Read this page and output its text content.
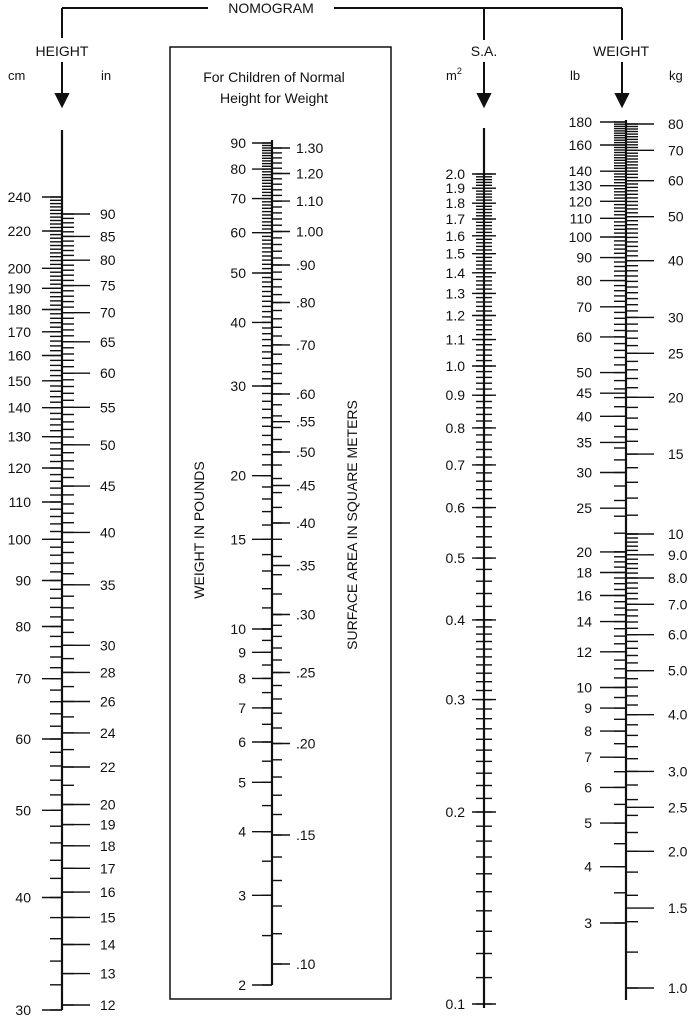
NOMOGRAM
HEIGHT
cm	in
S.A.
$m^2$
WEIGHT
lb	kg
For Children of Normal
Height for Weight
WEIGHT IN POUNDS	SURFACE AREA IN SQUARE METERS
240
220
200
190
180
170
160
150
140
130
120
110
100
90
80
70
60
50
40
30
90
85
80
75
70
65
60
55
50
45
40
35
30
28
26
24
22
20
19
18
17
16
15
14
13
12
90
80
70
60
50
40
30
20
15
10
9
8
7
6
5
4
3
2
1.30
1.20
1.10
1.00
.90
.80
.70
.60
.55
.50
.45
.40
.35
.30
.25
.20
.15
.10
2.0
1.9
1.8
1.7
1.6
1.5
1.4
1.3
1.2
1.1
1.0
0.9
0.8
0.7
0.6
0.5
0.4
0.3
0.2
0.1
180
160
140
130
120
110
100
90
80
70
60
50
45
40
35
30
25
20
18
16
14
12
10
9
8
7
6
5
4
3
80
70
60
50
40
30
25
20
15
10
9.0
8.0
7.0
6.0
5.0
4.0
3.0
2.5
2.0
1.5
1.0
